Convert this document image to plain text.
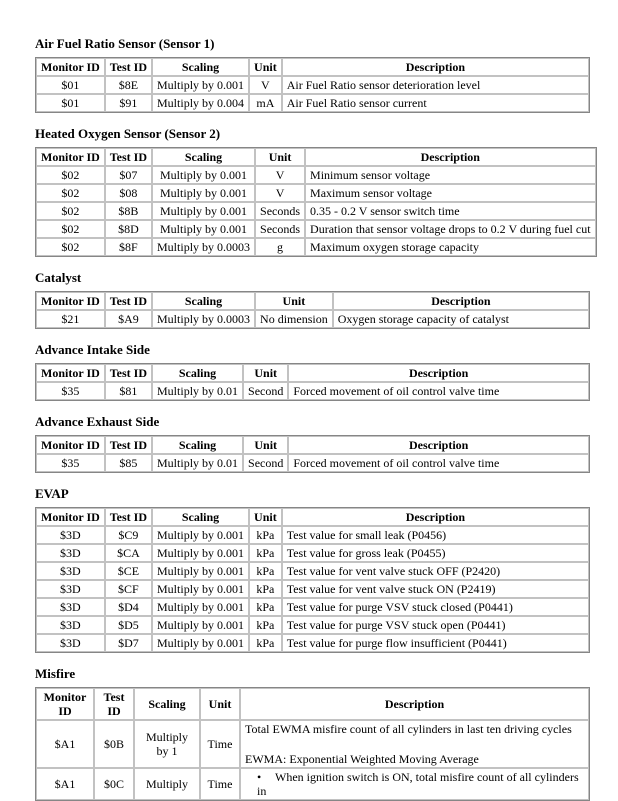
Air Fuel Ratio Sensor (Sensor 1)
Monitor ID	Test ID	Scaling	Unit	Description
$01	$8E	Multiply by 0.001	V	Air Fuel Ratio sensor deterioration level
$01	$91	Multiply by 0.004	mA	Air Fuel Ratio sensor current
Heated Oxygen Sensor (Sensor 2)
Monitor ID	Test ID	Scaling	Unit	Description
$02	$07	Multiply by 0.001	V	Minimum sensor voltage
$02	$08	Multiply by 0.001	V	Maximum sensor voltage
$02	$8B	Multiply by 0.001	Seconds	0.35 - 0.2 V sensor switch time
$02	$8D	Multiply by 0.001	Seconds	Duration that sensor voltage drops to 0.2 V during fuel cut
$02	$8F	Multiply by 0.0003	g	Maximum oxygen storage capacity
Catalyst
Monitor ID	Test ID	Scaling	Unit	Description
$21	$A9	Multiply by 0.0003	No dimension	Oxygen storage capacity of catalyst
Advance Intake Side
Monitor ID	Test ID	Scaling	Unit	Description
$35	$81	Multiply by 0.01	Second	Forced movement of oil control valve time
Advance Exhaust Side
Monitor ID	Test ID	Scaling	Unit	Description
$35	$85	Multiply by 0.01	Second	Forced movement of oil control valve time
EVAP
Monitor ID	Test ID	Scaling	Unit	Description
$3D	$C9	Multiply by 0.001	kPa	Test value for small leak (P0456)
$3D	$CA	Multiply by 0.001	kPa	Test value for gross leak (P0455)
$3D	$CE	Multiply by 0.001	kPa	Test value for vent valve stuck OFF (P2420)
$3D	$CF	Multiply by 0.001	kPa	Test value for vent valve stuck ON (P2419)
$3D	$D4	Multiply by 0.001	kPa	Test value for purge VSV stuck closed (P0441)
$3D	$D5	Multiply by 0.001	kPa	Test value for purge VSV stuck open (P0441)
$3D	$D7	Multiply by 0.001	kPa	Test value for purge flow insufficient (P0441)
Misfire
Monitor ID	Test ID	Scaling	Unit	Description
$A1	$0B	Multiply by 1	Time	Total EWMA misfire count of all cylinders in last ten driving cycles
EWMA: Exponential Weighted Moving Average

$A1	$0C	Multiply	Time	• When ignition switch is ON, total misfire count of all cylinders in
